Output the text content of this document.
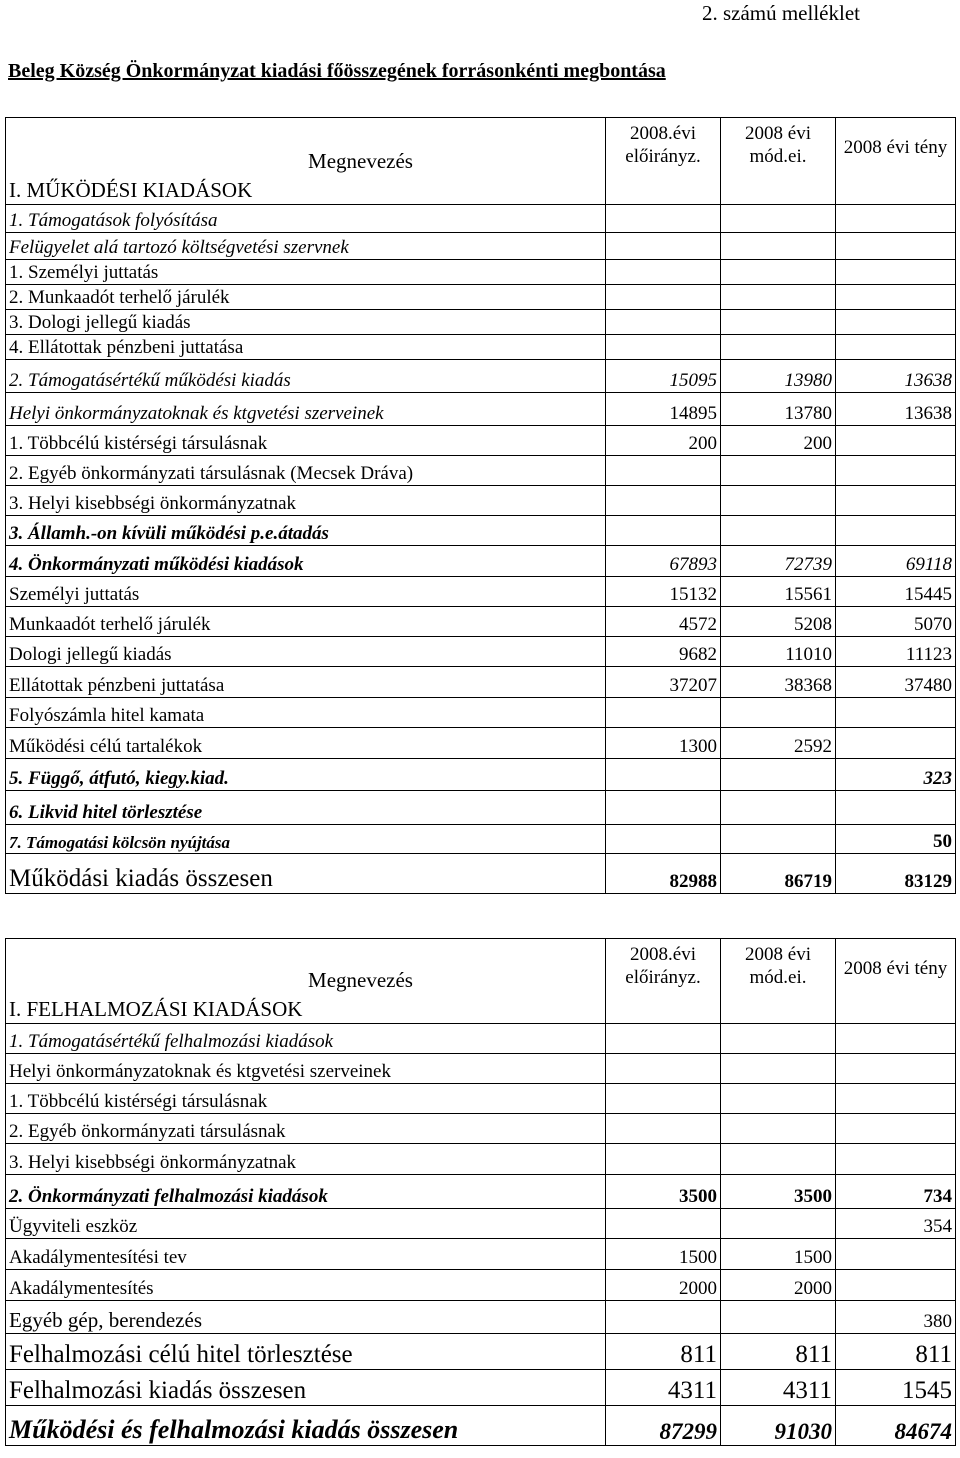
2. számú melléklet
Beleg Község Önkormányzat kiadási főösszegének forrásonkénti megbontása
Megnevezés
I. MŰKÖDÉSI KIADÁSOK	2008.évi előirányz.	2008 évi mód.ei.	2008 évi tény
1. Támogatások folyósítása			
Felügyelet alá tartozó költségvetési szervnek			
1. Személyi juttatás			
2. Munkaadót terhelő járulék			
3. Dologi jellegű kiadás			
4. Ellátottak pénzbeni juttatása			
2. Támogatásértékű működési kiadás	15095	13980	13638
Helyi önkormányzatoknak és ktgvetési szerveinek	14895	13780	13638
1. Többcélú kistérségi társulásnak	200	200	
2. Egyéb önkormányzati társulásnak (Mecsek Dráva)			
3. Helyi kisebbségi önkormányzatnak			
3. Államh.-on kívüli működési p.e.átadás			
4. Önkormányzati működési kiadások	67893	72739	69118
Személyi juttatás	15132	15561	15445
Munkaadót terhelő járulék	4572	5208	5070
Dologi jellegű kiadás	9682	11010	11123
Ellátottak pénzbeni juttatása	37207	38368	37480
Folyószámla hitel kamata			
Működési célú tartalékok	1300	2592	
5. Függő, átfutó, kiegy.kiad.			323
6. Likvid hitel törlesztése			
7. Támogatási kölcsön nyújtása			50
Működási kiadás összesen	82988	86719	83129
Megnevezés
I. FELHALMOZÁSI KIADÁSOK	2008.évi előirányz.	2008 évi mód.ei.	2008 évi tény
1. Támogatásértékű felhalmozási kiadások			
Helyi önkormányzatoknak és ktgvetési szerveinek			
1. Többcélú kistérségi társulásnak			
2. Egyéb önkormányzati társulásnak			
3. Helyi kisebbségi önkormányzatnak			
2. Önkormányzati felhalmozási kiadások	3500	3500	734
Ügyviteli eszköz			354
Akadálymentesítési tev	1500	1500	
Akadálymentesítés	2000	2000	
Egyéb gép, berendezés			380
Felhalmozási célú hitel törlesztése	811	811	811
Felhalmozási kiadás összesen	4311	4311	1545
Működési és felhalmozási kiadás összesen	87299	91030	84674
